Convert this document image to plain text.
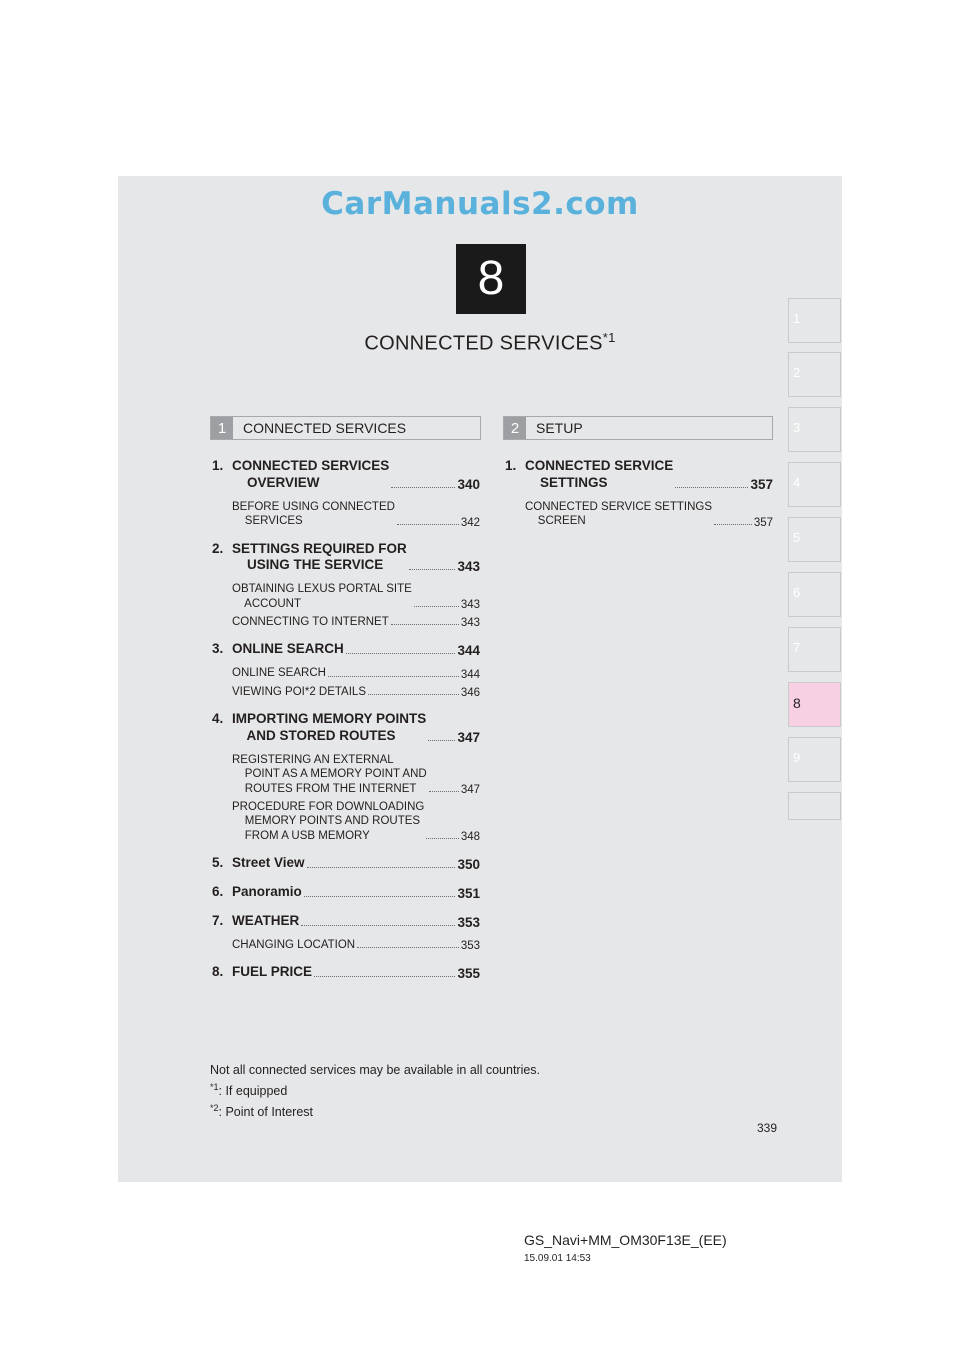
CarManuals2.com
8
CONNECTED SERVICES$^{*1}$
1
2
3
4
5
6
7
8
9
1	CONNECTED SERVICES	2	SETUP
1. CONNECTED SERVICES
OVERVIEW	340
BEFORE USING CONNECTED
SERVICES	342
2. SETTINGS REQUIRED FOR
USING THE SERVICE	343
OBTAINING LEXUS PORTAL SITE
ACCOUNT	343
CONNECTING TO INTERNET	343
3. ONLINE SEARCH	344
ONLINE SEARCH	344
VIEWING POI*2 DETAILS	346
4. IMPORTING MEMORY POINTS
AND STORED ROUTES	347
REGISTERING AN EXTERNAL
POINT AS A MEMORY POINT AND
ROUTES FROM THE INTERNET	347
PROCEDURE FOR DOWNLOADING
MEMORY POINTS AND ROUTES
FROM A USB MEMORY	348
5. Street View	350
6. Panoramio	351
7. WEATHER	353
CHANGING LOCATION	353
8. FUEL PRICE	355
1. CONNECTED SERVICE
SETTINGS	357
CONNECTED SERVICE SETTINGS
SCREEN	357
Not all connected services may be available in all countries.
$^{*1}$: If equipped
$^{*2}$: Point of Interest
339
GS_Navi+MM_OM30F13E_(EE)
15.09.01 14:53
